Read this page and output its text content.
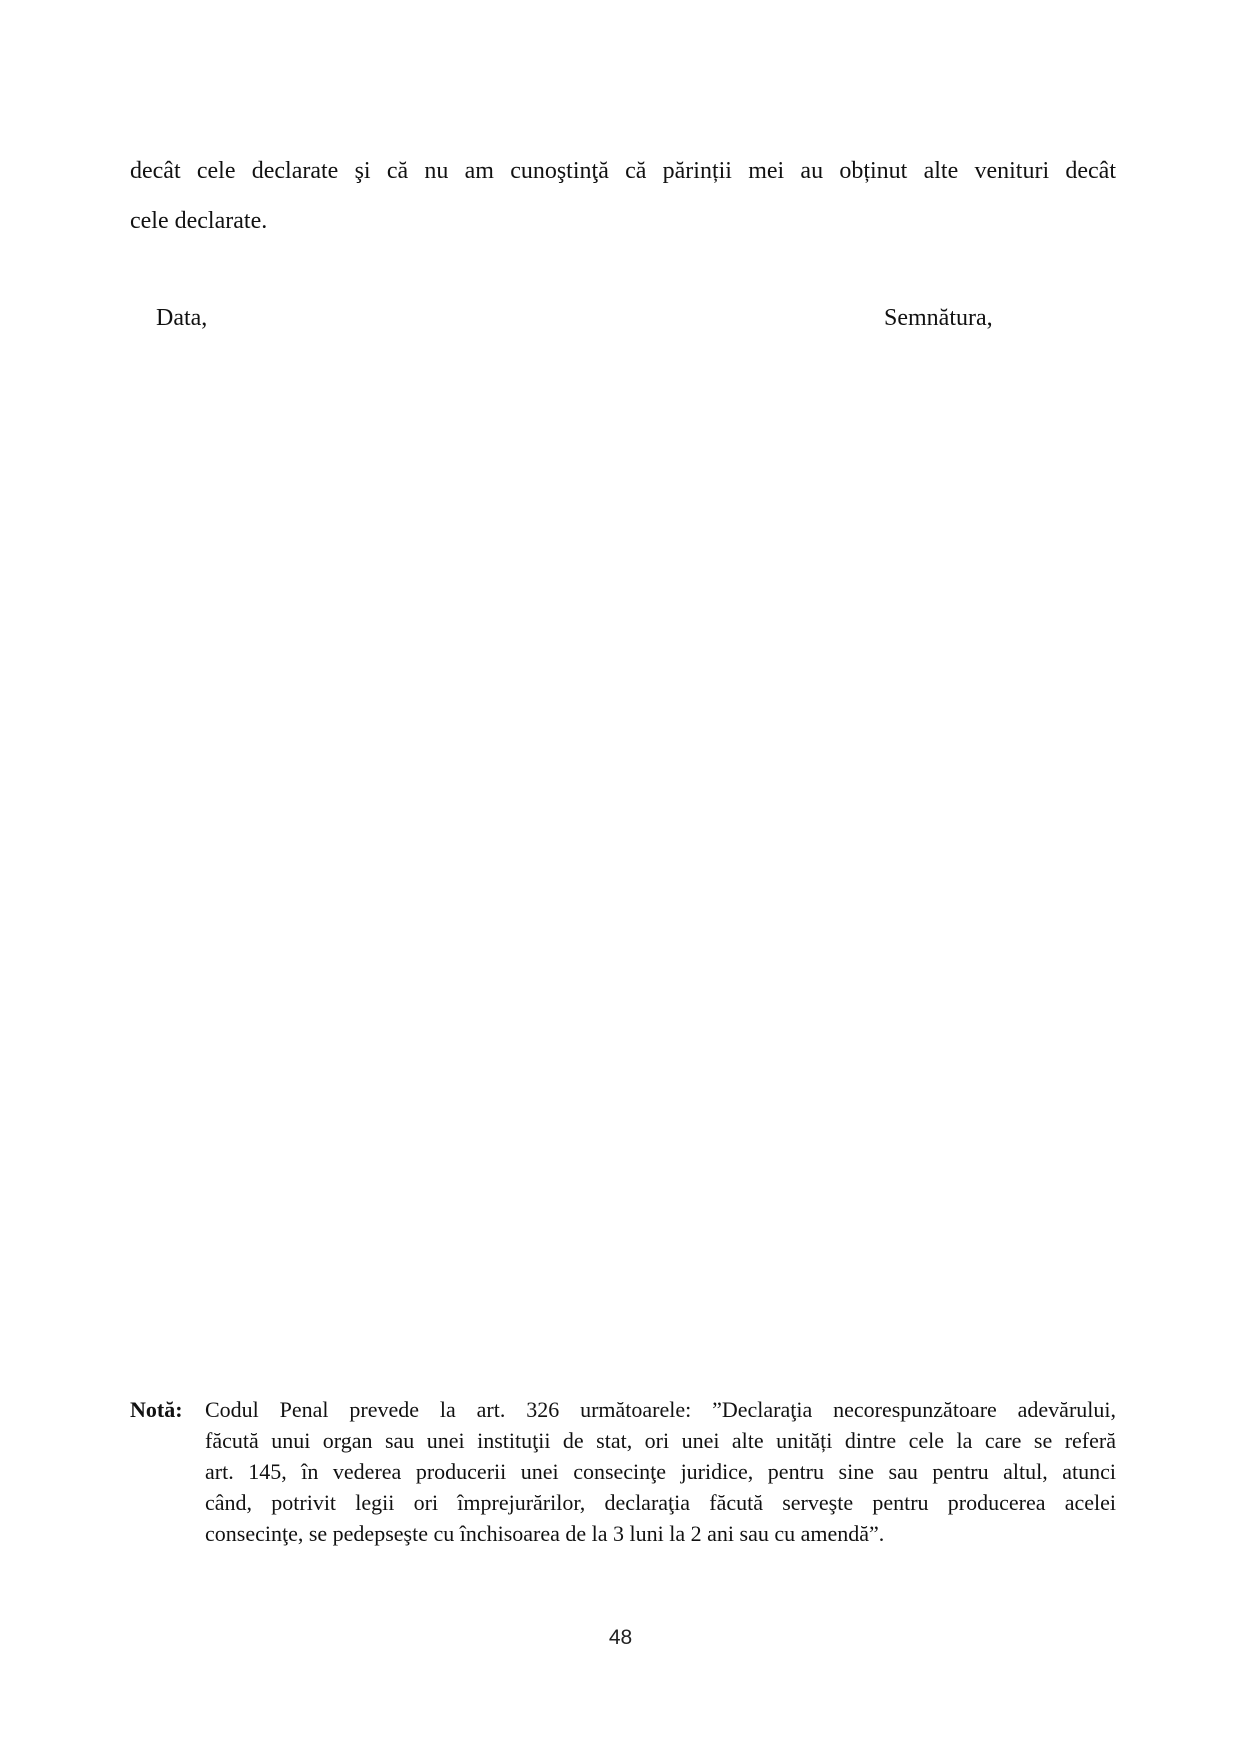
decât cele declarate şi că nu am cunoştinţă că părinții mei au obținut alte venituri decât
cele declarate.
Data,	Semnătura,
Notă: Codul Penal prevede la art. 326 următoarele: ”Declaraţia necorespunzătoare adevărului,
făcută unui organ sau unei instituţii de stat, ori unei alte unități dintre cele la care se referă
art. 145, în vederea producerii unei consecinţe juridice, pentru sine sau pentru altul, atunci
când, potrivit legii ori împrejurărilor, declaraţia făcută serveşte pentru producerea acelei
consecinţe, se pedepseşte cu închisoarea de la 3 luni la 2 ani sau cu amendă”.
48
